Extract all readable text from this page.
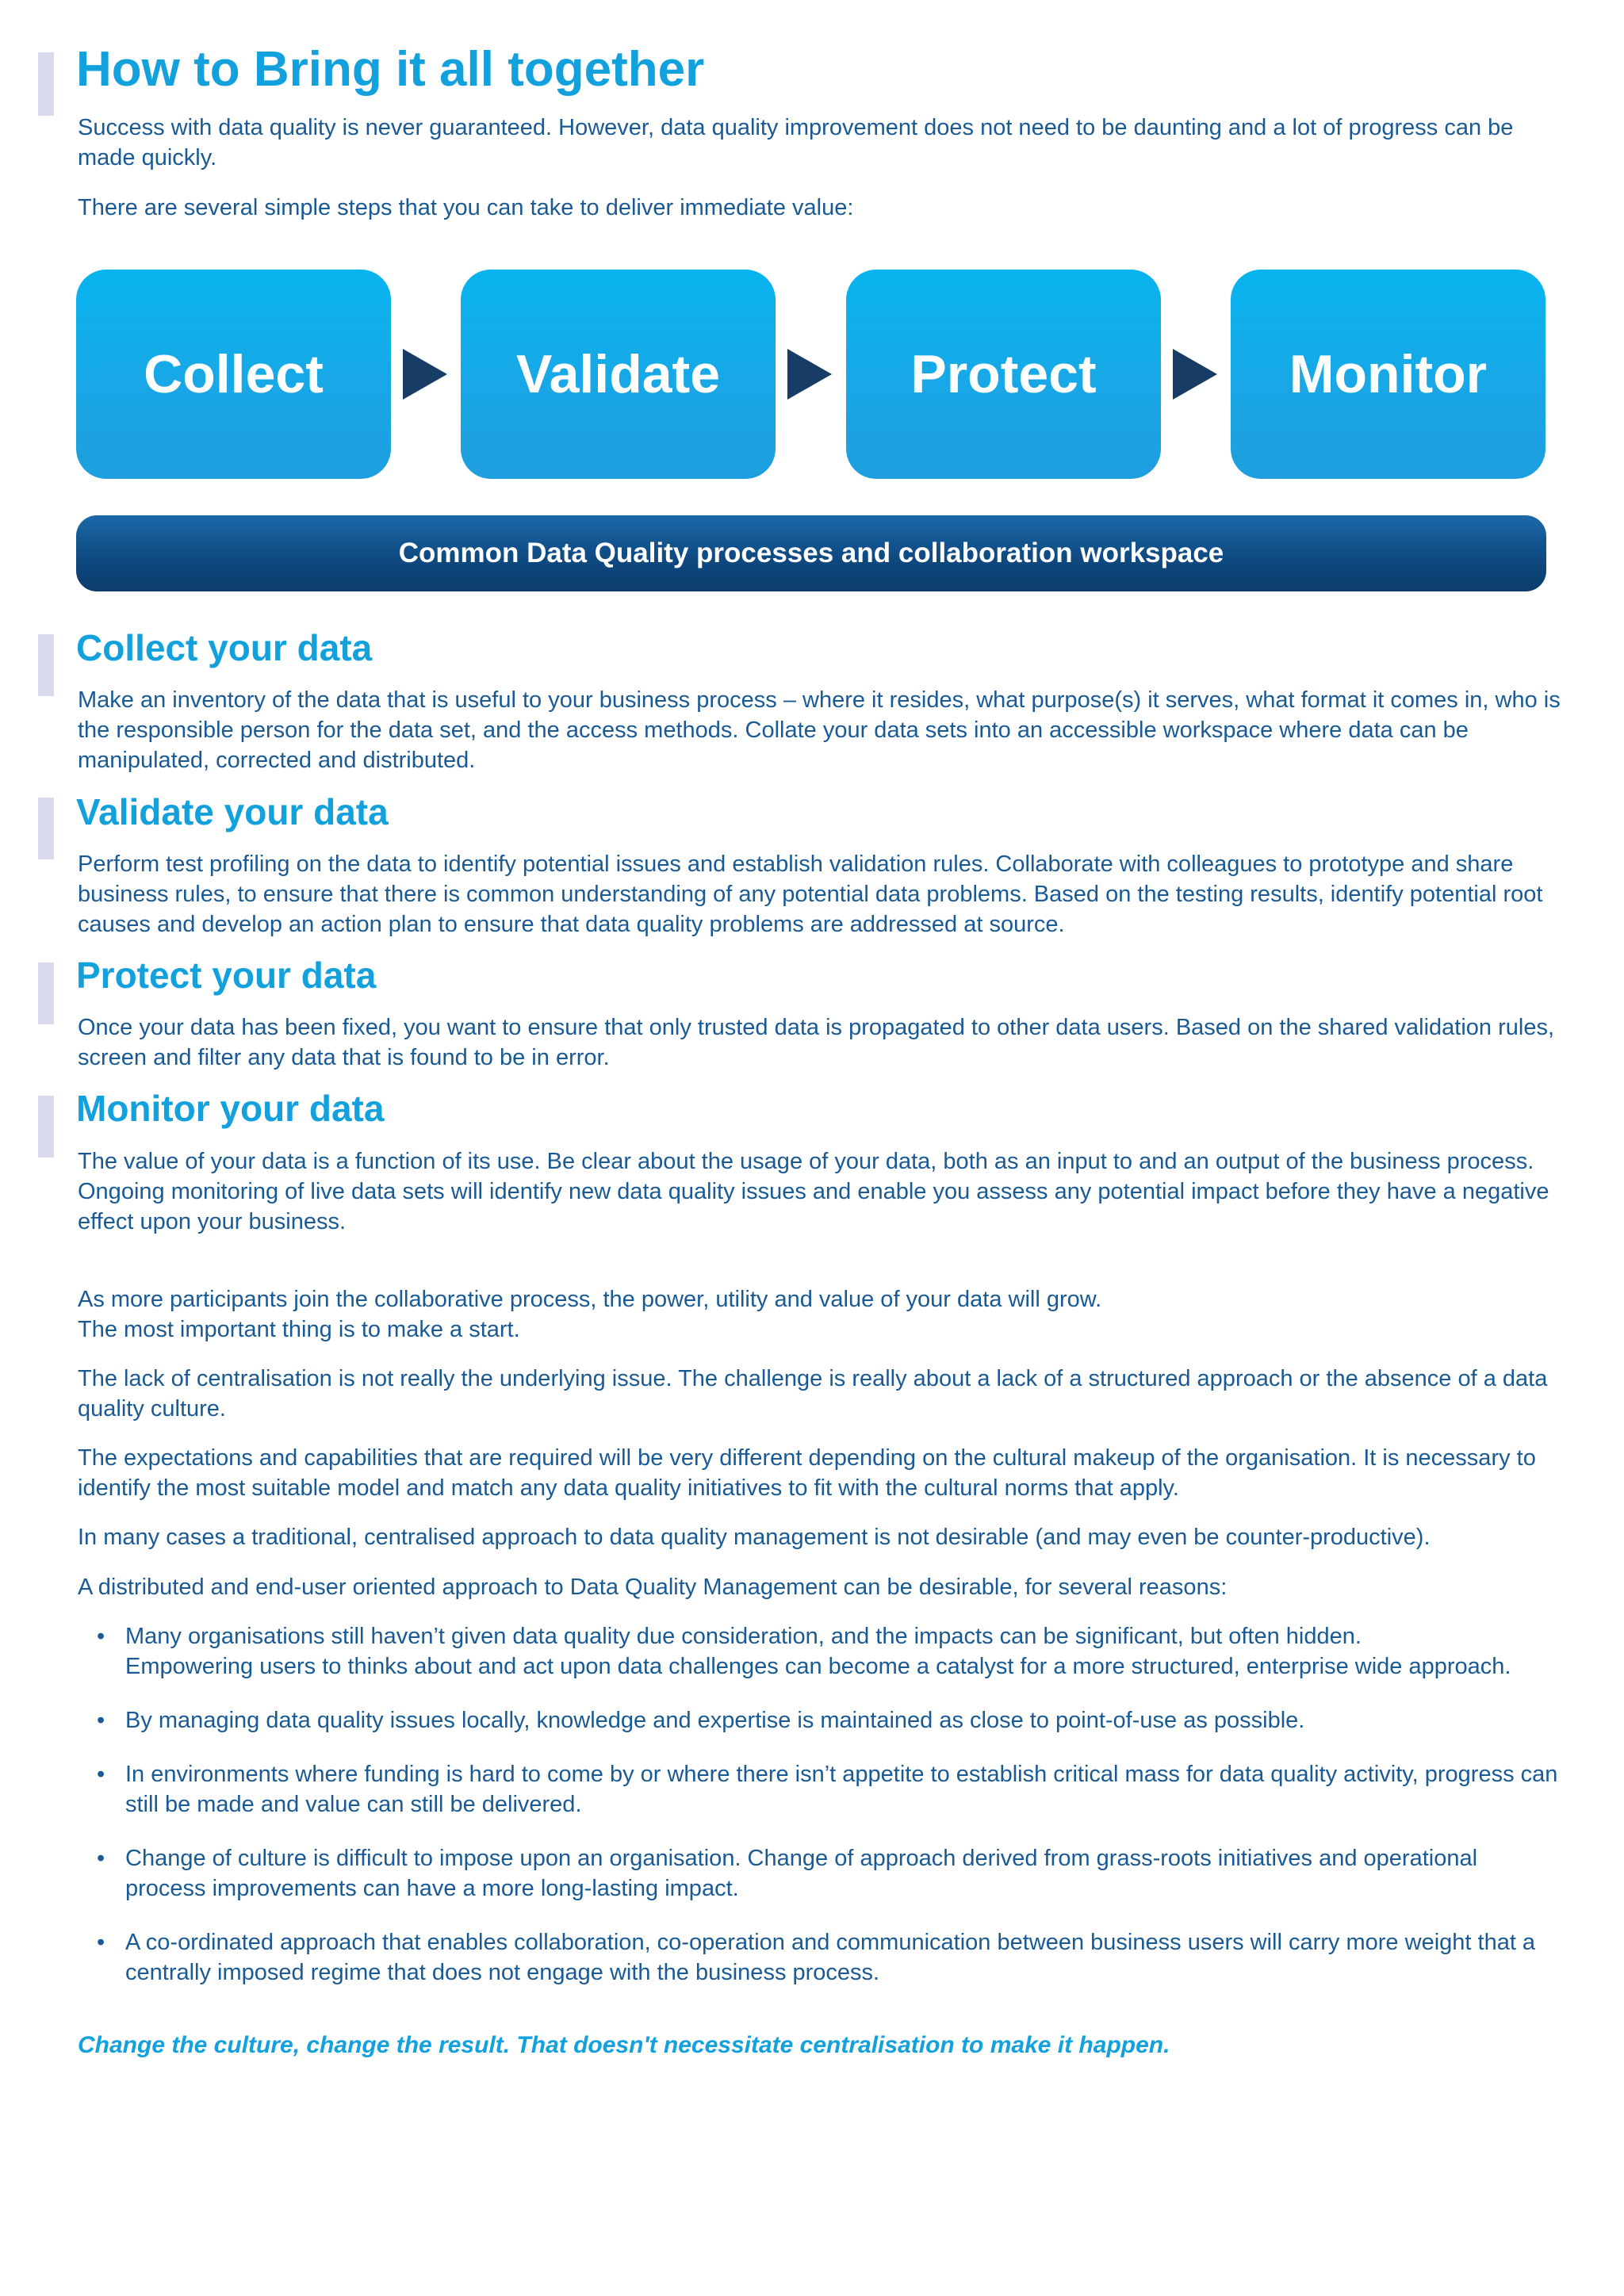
How to Bring it all together

Success with data quality is never guaranteed. However, data quality improvement does not need to be daunting and a lot of progress can be made quickly.

There are several simple steps that you can take to deliver immediate value:

Collect	Validate	Protect	Monitor
Common Data Quality processes and collaboration workspace
Collect your data

Make an inventory of the data that is useful to your business process – where it resides, what purpose(s) it serves, what format it comes in, who is the responsible person for the data set, and the access methods. Collate your data sets into an accessible workspace where data can be manipulated, corrected and distributed.

Validate your data

Perform test profiling on the data to identify potential issues and establish validation rules. Collaborate with colleagues to prototype and share business rules, to ensure that there is common understanding of any potential data problems. Based on the testing results, identify potential root causes and develop an action plan to ensure that data quality problems are addressed at source.

Protect your data

Once your data has been fixed, you want to ensure that only trusted data is propagated to other data users. Based on the shared validation rules, screen and filter any data that is found to be in error.

Monitor your data

The value of your data is a function of its use. Be clear about the usage of your data, both as an input to and an output of the business process. Ongoing monitoring of live data sets will identify new data quality issues and enable you assess any potential impact before they have a negative effect upon your business.

As more participants join the collaborative process, the power, utility and value of your data will grow.

The most important thing is to make a start.

The lack of centralisation is not really the underlying issue. The challenge is really about a lack of a structured approach or the absence of a data quality culture.

The expectations and capabilities that are required will be very different depending on the cultural makeup of the organisation. It is necessary to identify the most suitable model and match any data quality initiatives to fit with the cultural norms that apply.

In many cases a traditional, centralised approach to data quality management is not desirable (and may even be counter-productive).

A distributed and end-user oriented approach to Data Quality Management can be desirable, for several reasons:

• Many organisations still haven’t given data quality due consideration, and the impacts can be significant, but often hidden.
Empowering users to thinks about and act upon data challenges can become a catalyst for a more structured, enterprise wide approach.
• By managing data quality issues locally, knowledge and expertise is maintained as close to point-of-use as possible.
• In environments where funding is hard to come by or where there isn’t appetite to establish critical mass for data quality activity, progress can still be made and value can still be delivered.
• Change of culture is difficult to impose upon an organisation. Change of approach derived from grass-roots initiatives and operational process improvements can have a more long-lasting impact.
• A co-ordinated approach that enables collaboration, co-operation and communication between business users will carry more weight that a centrally imposed regime that does not engage with the business process.

Change the culture, change the result. That doesn't necessitate centralisation to make it happen.
